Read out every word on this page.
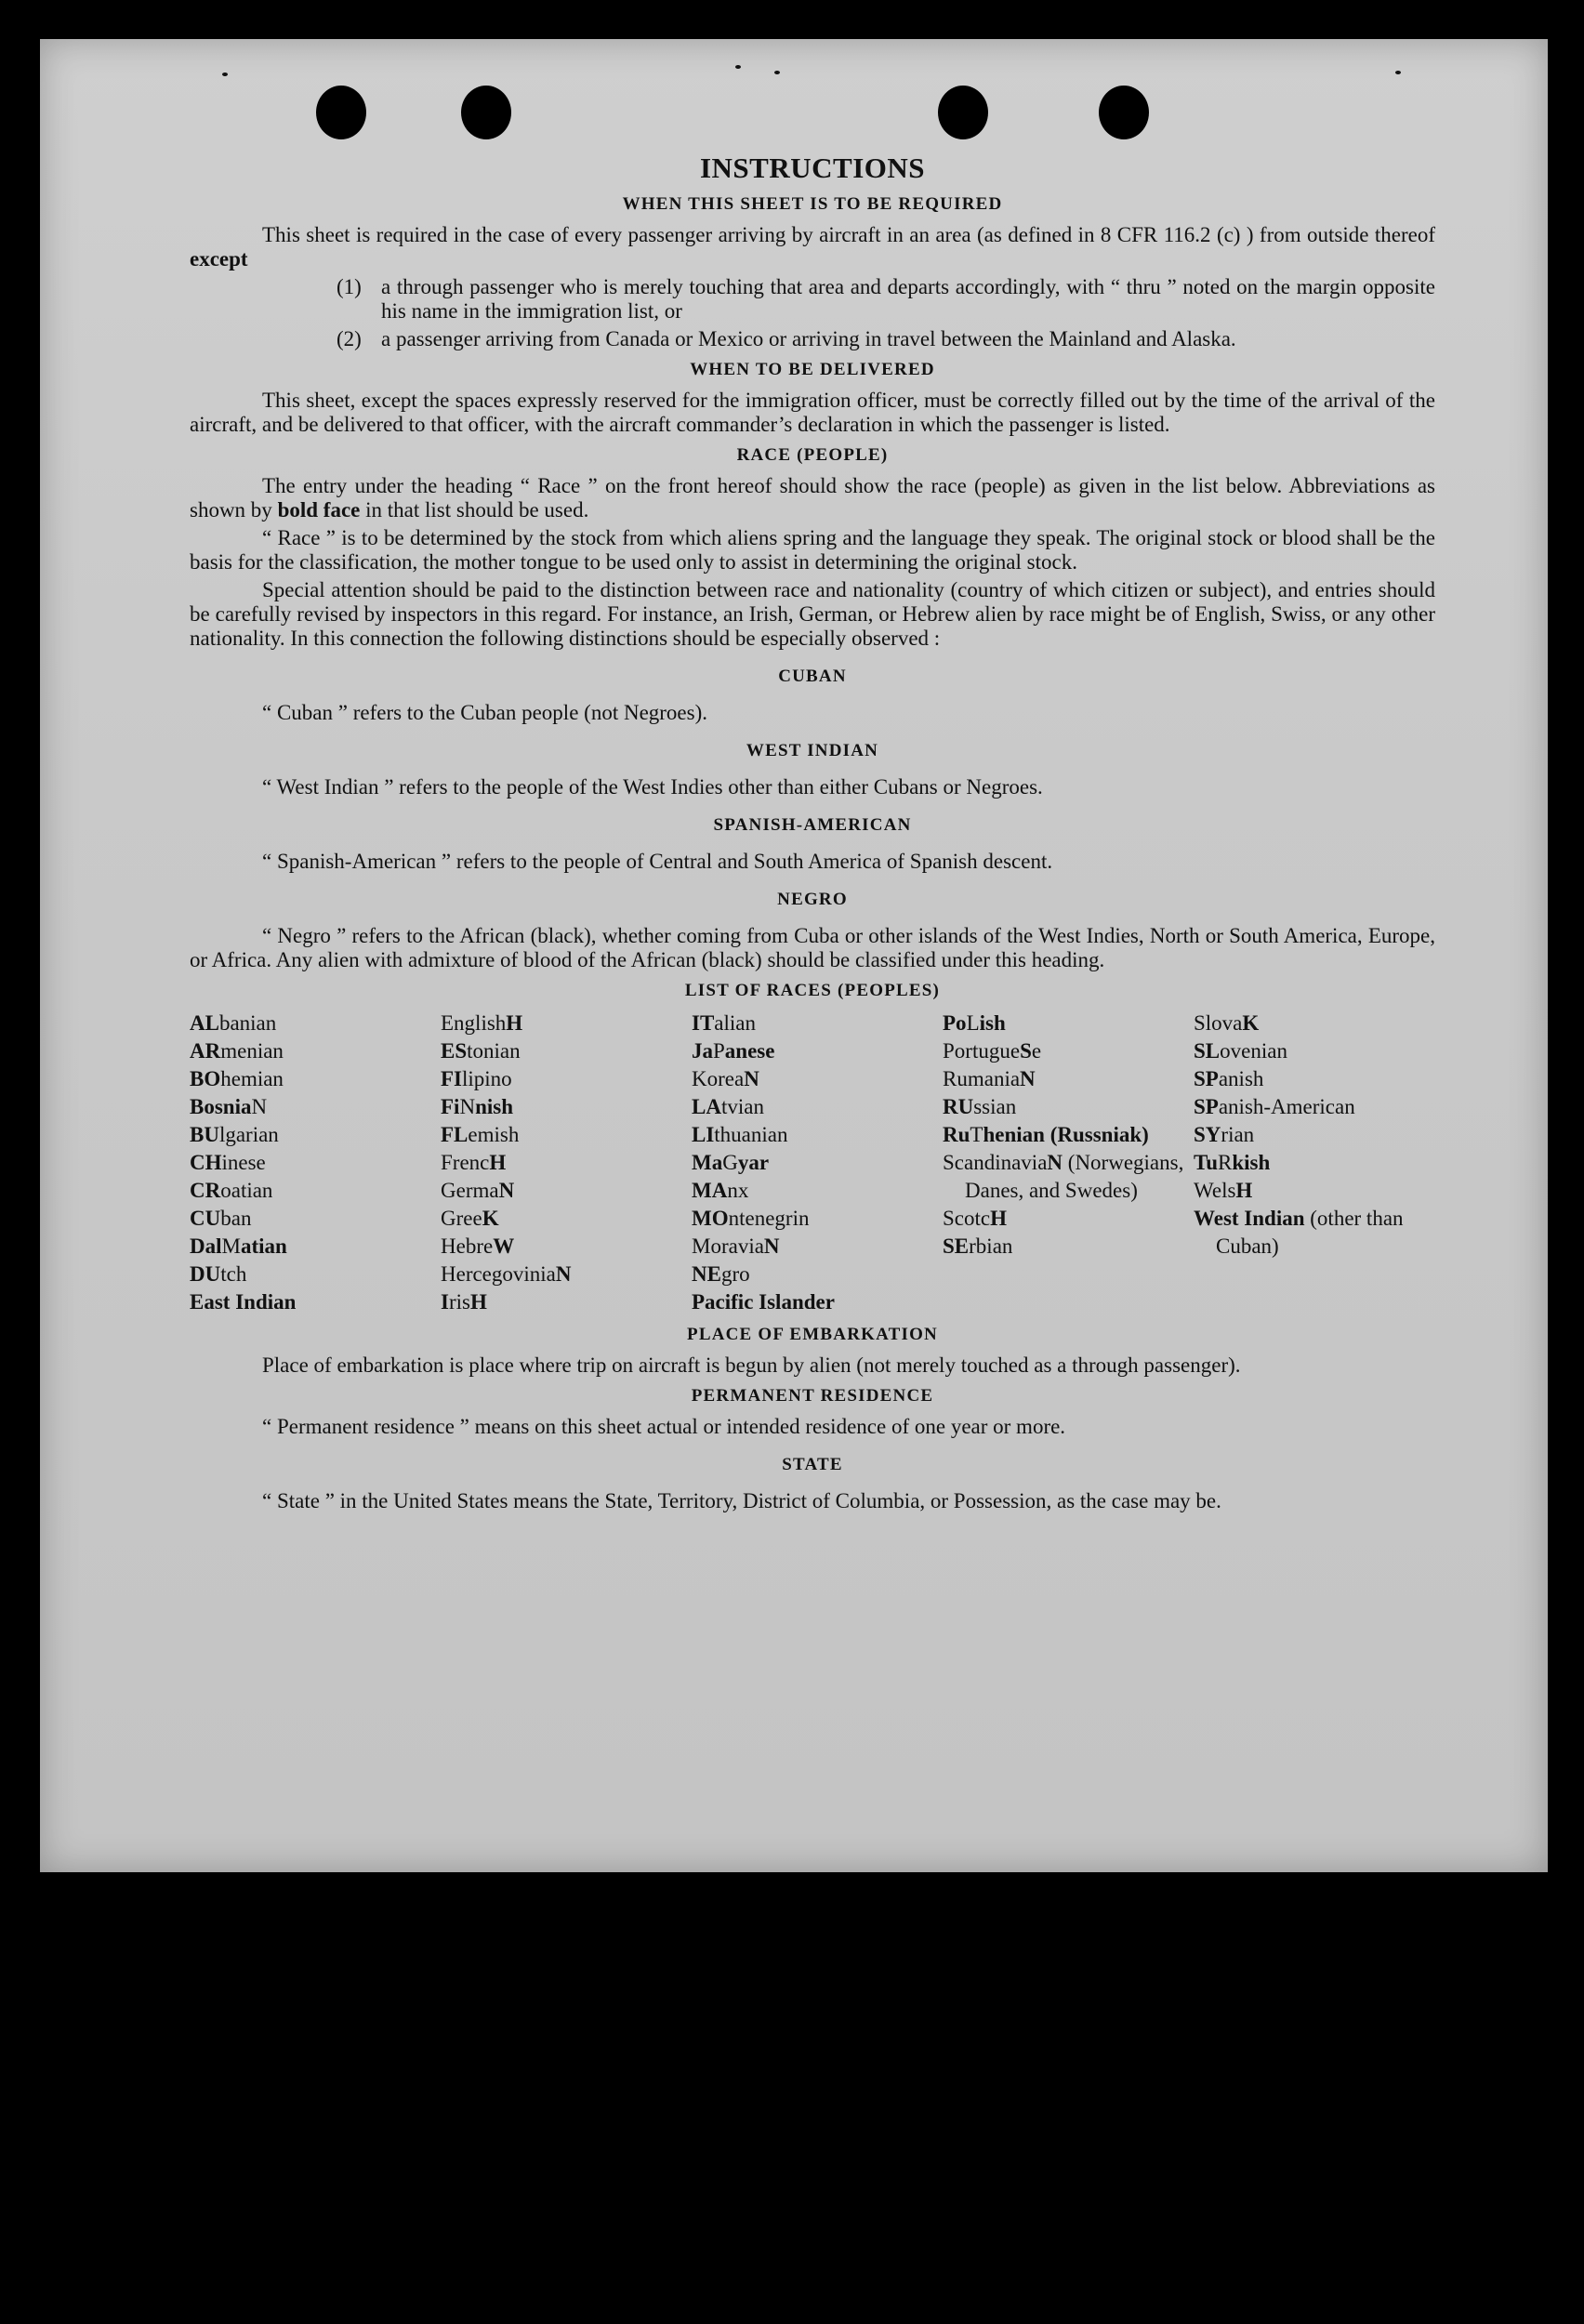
INSTRUCTIONS
WHEN THIS SHEET IS TO BE REQUIRED

This sheet is required in the case of every passenger arriving by aircraft in an area (as defined in 8 CFR 116.2 (c) ) from outside thereof except

(1) a through passenger who is merely touching that area and departs accordingly, with “ thru ” noted on the margin opposite his name in the immigration list, or
(2) a passenger arriving from Canada or Mexico or arriving in travel between the Mainland and Alaska.
WHEN TO BE DELIVERED

This sheet, except the spaces expressly reserved for the immigration officer, must be correctly filled out by the time of the arrival of the aircraft, and be delivered to that officer, with the aircraft commander’s declaration in which the passenger is listed.

RACE (PEOPLE)

The entry under the heading “ Race ” on the front hereof should show the race (people) as given in the list below. Abbreviations as shown by bold face in that list should be used.

“ Race ” is to be determined by the stock from which aliens spring and the language they speak. The original stock or blood shall be the basis for the classification, the mother tongue to be used only to assist in determining the original stock.

Special attention should be paid to the distinction between race and nationality (country of which citizen or subject), and entries should be carefully revised by inspectors in this regard. For instance, an Irish, German, or Hebrew alien by race might be of English, Swiss, or any other nationality. In this connection the following distinctions should be especially observed :

CUBAN

“ Cuban ” refers to the Cuban people (not Negroes).

WEST INDIAN

“ West Indian ” refers to the people of the West Indies other than either Cubans or Negroes.

SPANISH-AMERICAN

“ Spanish-American ” refers to the people of Central and South America of Spanish descent.

NEGRO

“ Negro ” refers to the African (black), whether coming from Cuba or other islands of the West Indies, North or South America, Europe, or Africa. Any alien with admixture of blood of the African (black) should be classified under this heading.

LIST OF RACES (PEOPLES)
ALbanian
ARmenian
BOhemian
BosniaN
BUlgarian
CHinese
CRoatian
CUban
DalMatian
DUtch
East Indian
EnglishH
EStonian
FIlipino
FiNnish
FLemish
FrencH
GermaN
GreeK
HebreW
HercegoviniaN
IrisH
ITalian
JaPanese
KoreaN
LAtvian
LIthuanian
MaGyar
MAnx
MOntenegrin
MoraviaN
NEgro
Pacific Islander
PoLish
PortugueSe
RumaniaN
RUssian
RuThenian (Russniak)
ScandinaviaN (Norwegians, Danes, and Swedes)
ScotcH
SErbian
SlovaK
SLovenian
SPanish
SPanish-American
SYrian
TuRkish
WelsH
West Indian (other than Cuban)
PLACE OF EMBARKATION

Place of embarkation is place where trip on aircraft is begun by alien (not merely touched as a through passenger).

PERMANENT RESIDENCE

“ Permanent residence ” means on this sheet actual or intended residence of one year or more.

STATE

“ State ” in the United States means the State, Territory, District of Columbia, or Possession, as the case may be.
